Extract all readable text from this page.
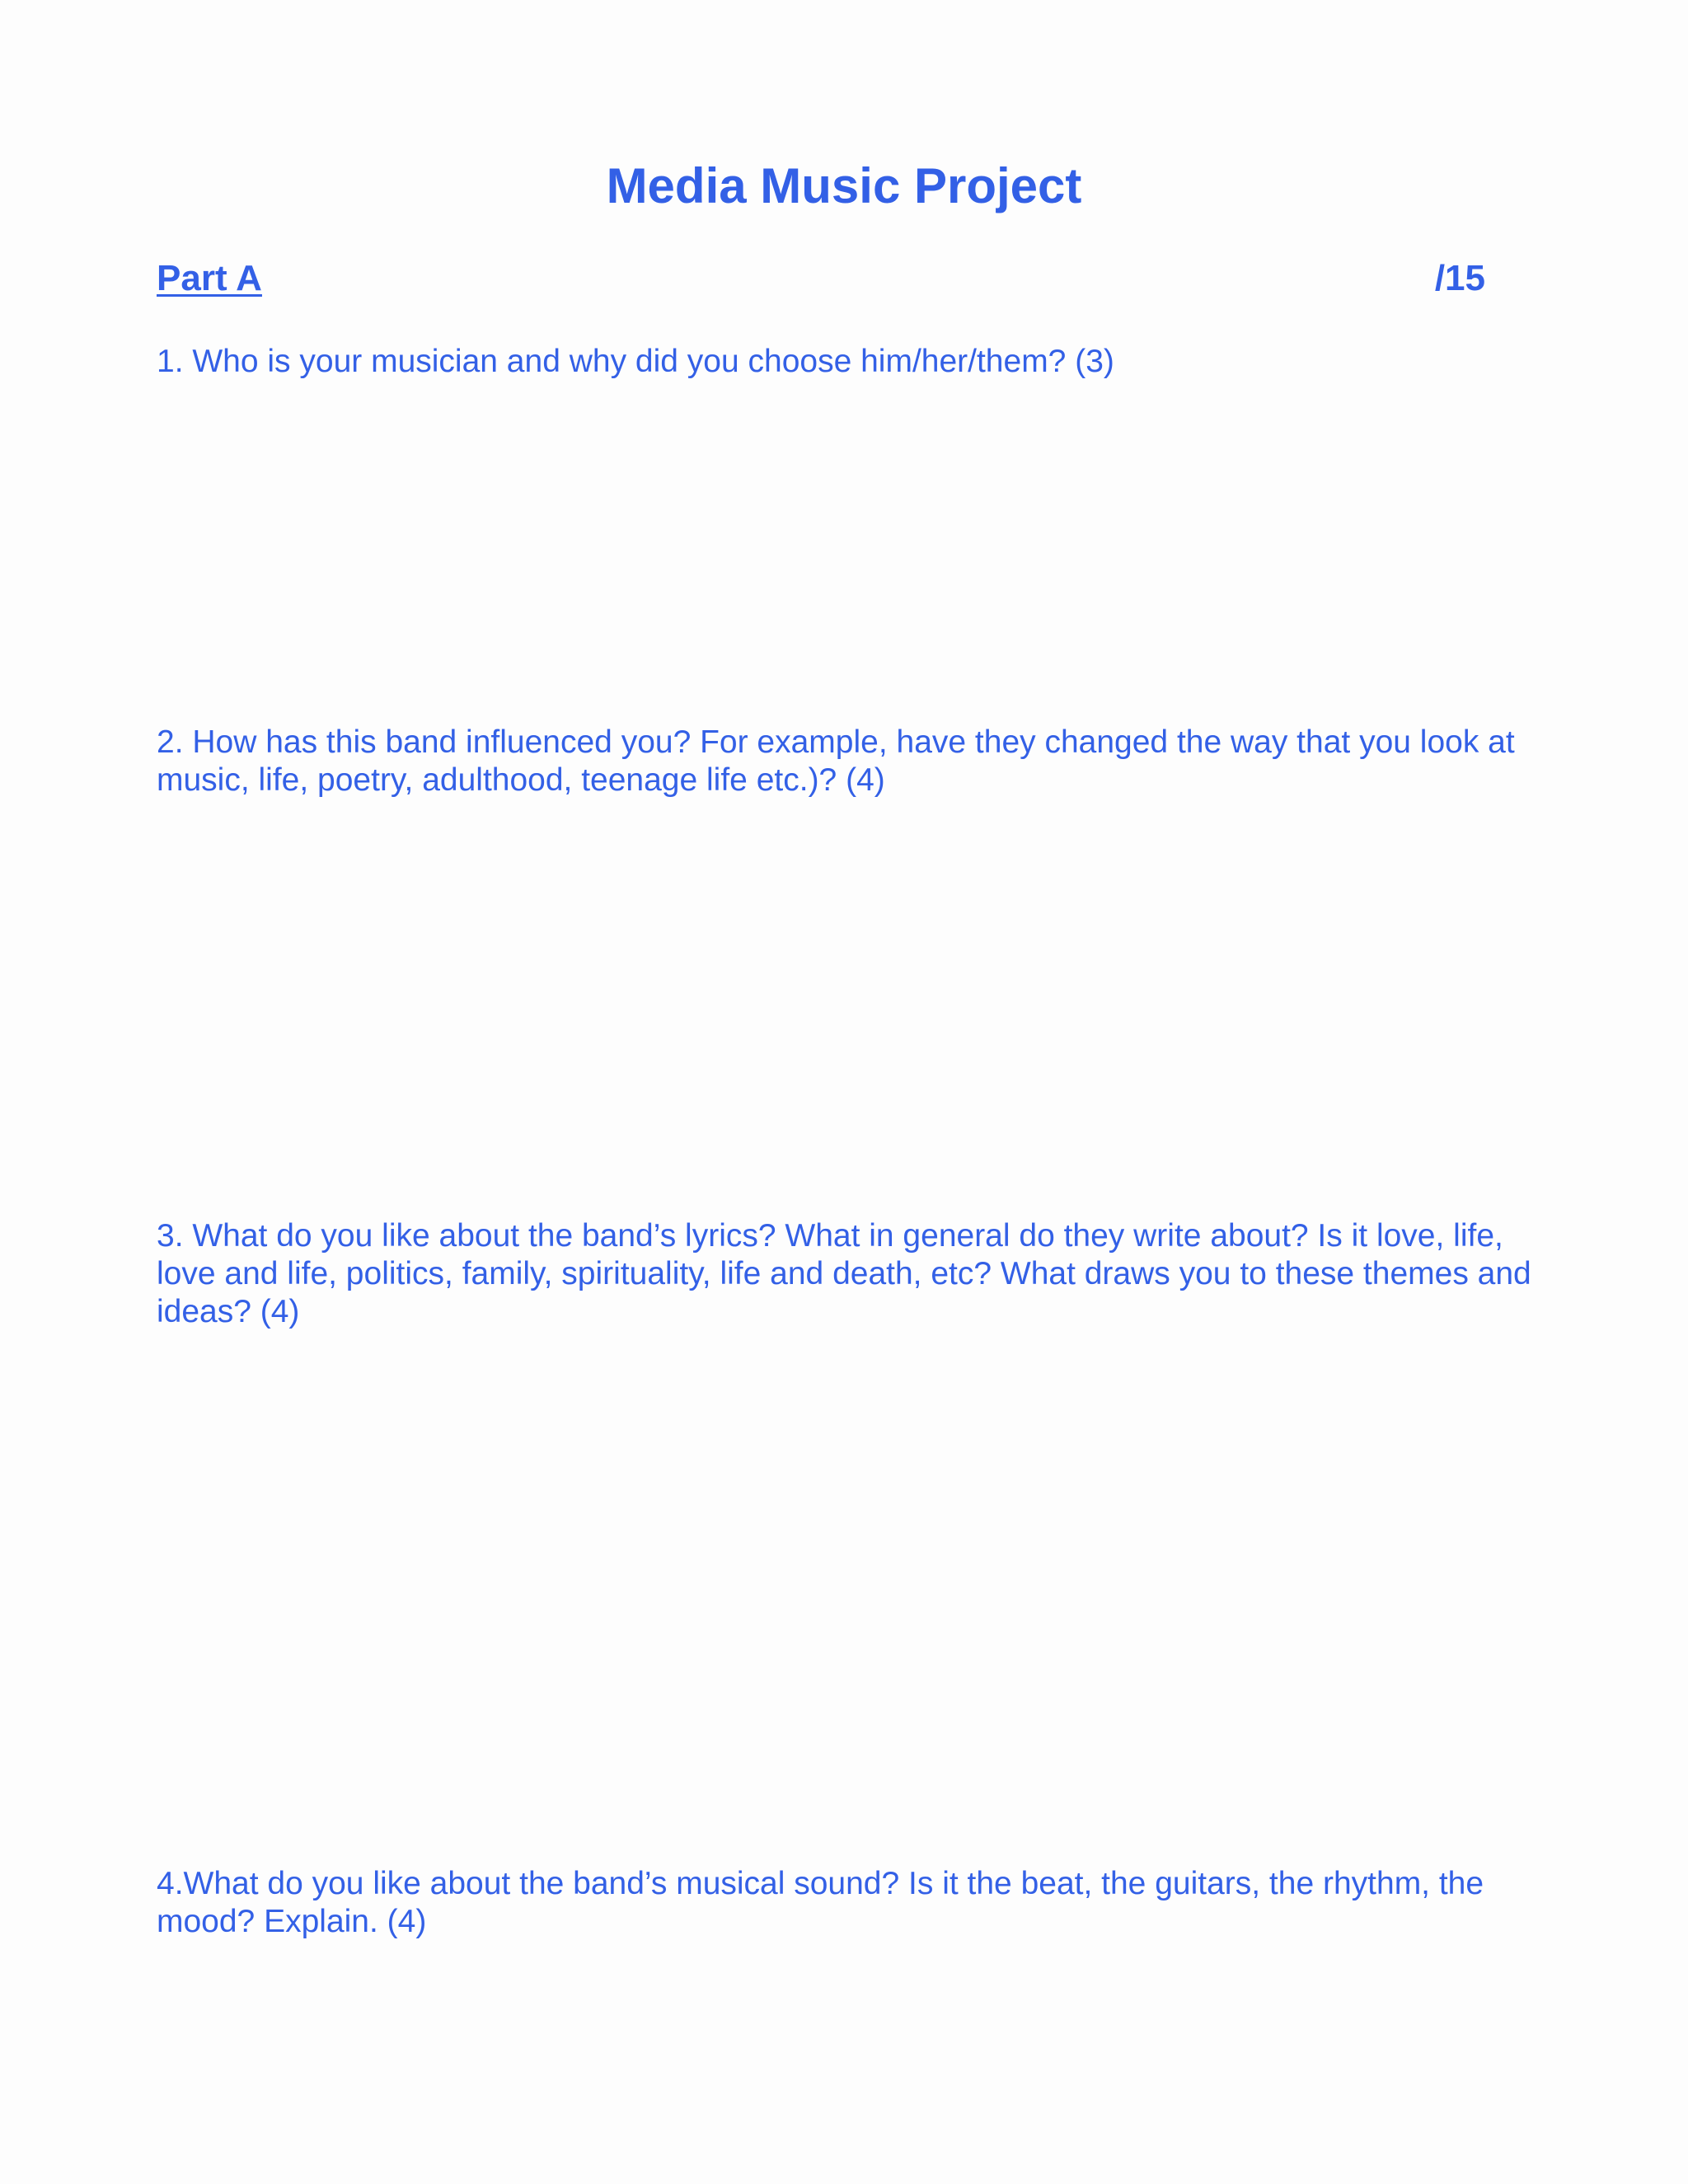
Media Music Project
Part A	/15
1. Who is your musician and why did you choose him/her/them? (3)
2. How has this band influenced you? For example, have they changed the way that you look at music, life, poetry, adulthood, teenage life etc.)? (4)
3. What do you like about the band’s lyrics? What in general do they write about? Is it love, life, love and life, politics, family, spirituality, life and death, etc? What draws you to these themes and ideas? (4)
4.What do you like about the band’s musical sound? Is it the beat, the guitars, the rhythm, the mood? Explain. (4)
